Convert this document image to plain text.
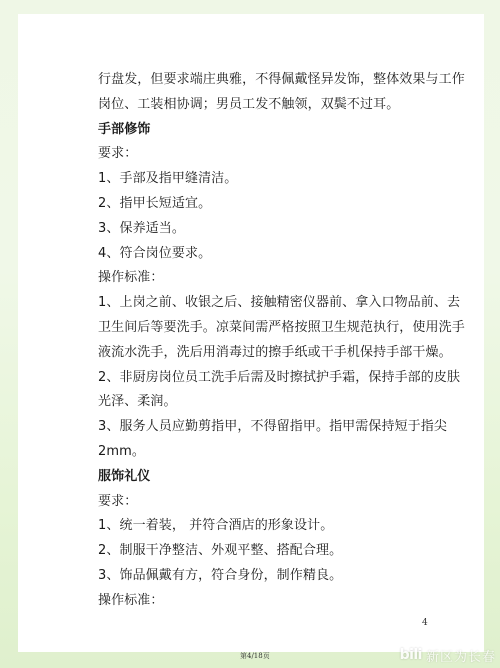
行盘发，但要求端庄典雅，不得佩戴怪异发饰，整体效果与工作
岗位、工装相协调；男员工发不触领，双鬓不过耳。
手部修饰
要求：
1、手部及指甲缝清洁。
2、指甲长短适宜。
3、保养适当。
4、符合岗位要求。
操作标准：
1、上岗之前、收银之后、接触精密仪器前、拿入口物品前、去
卫生间后等要洗手。凉菜间需严格按照卫生规范执行，使用洗手
液流水洗手，洗后用消毒过的擦手纸或干手机保持手部干燥。
2、非厨房岗位员工洗手后需及时擦拭护手霜，保持手部的皮肤
光泽、柔润。
3、服务人员应勤剪指甲，不得留指甲。指甲需保持短于指尖
2mm。
服饰礼仪
要求：
1、统一着装， 并符合酒店的形象设计。
2、制服干净整洁、外观平整、搭配合理。
3、饰品佩戴有方，符合身份，制作精良。
操作标准：
4
第4/18页	bili 新区为长春
